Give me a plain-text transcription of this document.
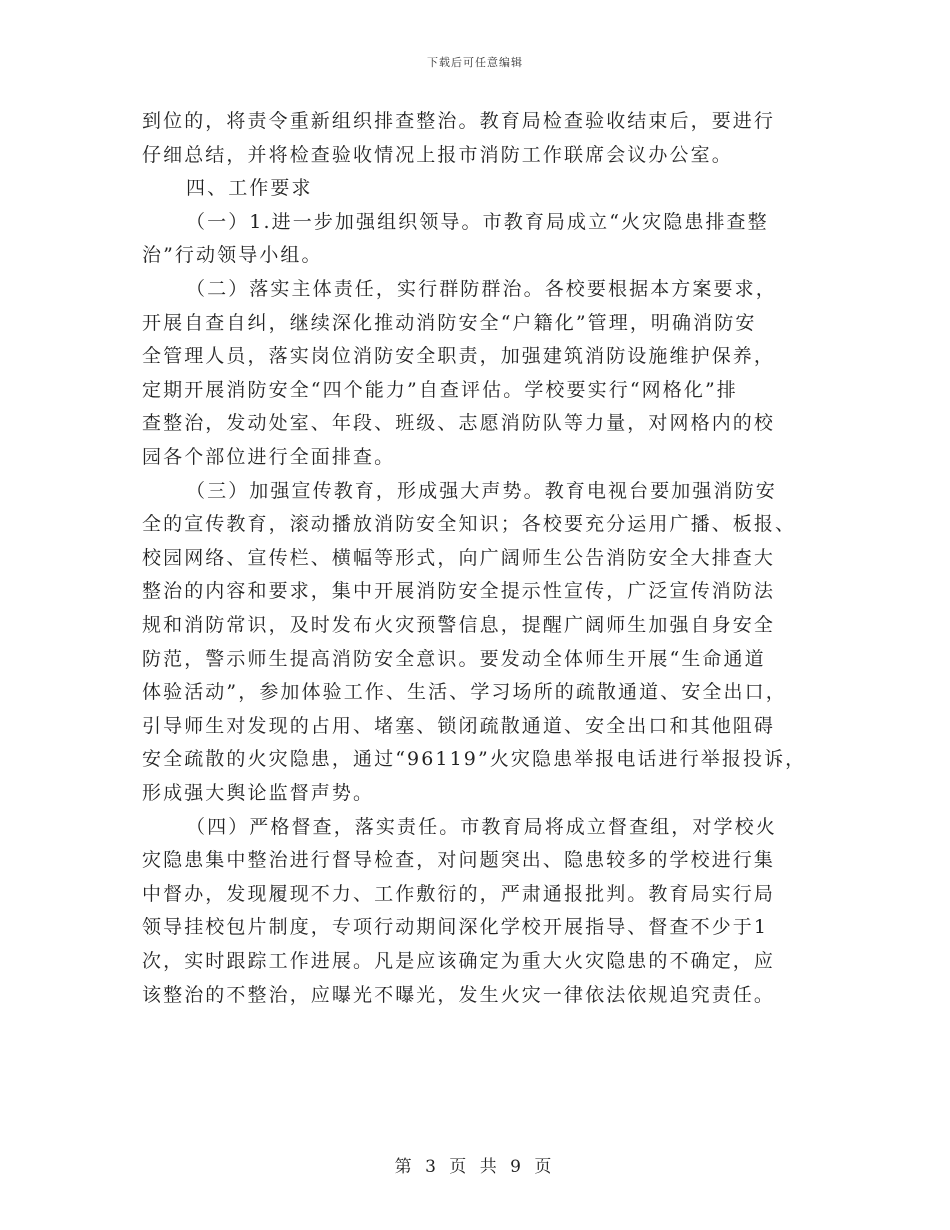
下载后可任意编辑
到位的，将责令重新组织排查整治。教育局检查验收结束后，要进行
仔细总结，并将检查验收情况上报市消防工作联席会议办公室。
四、工作要求
（一）1.进一步加强组织领导。市教育局成立“火灾隐患排查整
治”行动领导小组。
（二）落实主体责任，实行群防群治。各校要根据本方案要求，
开展自查自纠，继续深化推动消防安全“户籍化”管理，明确消防安
全管理人员，落实岗位消防安全职责，加强建筑消防设施维护保养，
定期开展消防安全“四个能力”自查评估。学校要实行“网格化”排
查整治，发动处室、年段、班级、志愿消防队等力量，对网格内的校
园各个部位进行全面排查。
（三）加强宣传教育，形成强大声势。教育电视台要加强消防安
全的宣传教育，滚动播放消防安全知识；各校要充分运用广播、板报、
校园网络、宣传栏、横幅等形式，向广阔师生公告消防安全大排查大
整治的内容和要求，集中开展消防安全提示性宣传，广泛宣传消防法
规和消防常识，及时发布火灾预警信息，提醒广阔师生加强自身安全
防范，警示师生提高消防安全意识。要发动全体师生开展“生命通道
体验活动”，参加体验工作、生活、学习场所的疏散通道、安全出口，
引导师生对发现的占用、堵塞、锁闭疏散通道、安全出口和其他阻碍
安全疏散的火灾隐患，通过“96119”火灾隐患举报电话进行举报投诉，
形成强大舆论监督声势。
（四）严格督查，落实责任。市教育局将成立督查组，对学校火
灾隐患集中整治进行督导检查，对问题突出、隐患较多的学校进行集
中督办，发现履现不力、工作敷衍的，严肃通报批判。教育局实行局
领导挂校包片制度，专项行动期间深化学校开展指导、督查不少于1
次，实时跟踪工作进展。凡是应该确定为重大火灾隐患的不确定，应
该整治的不整治，应曝光不曝光，发生火灾一律依法依规追究责任。
第 3 页 共 9 页
